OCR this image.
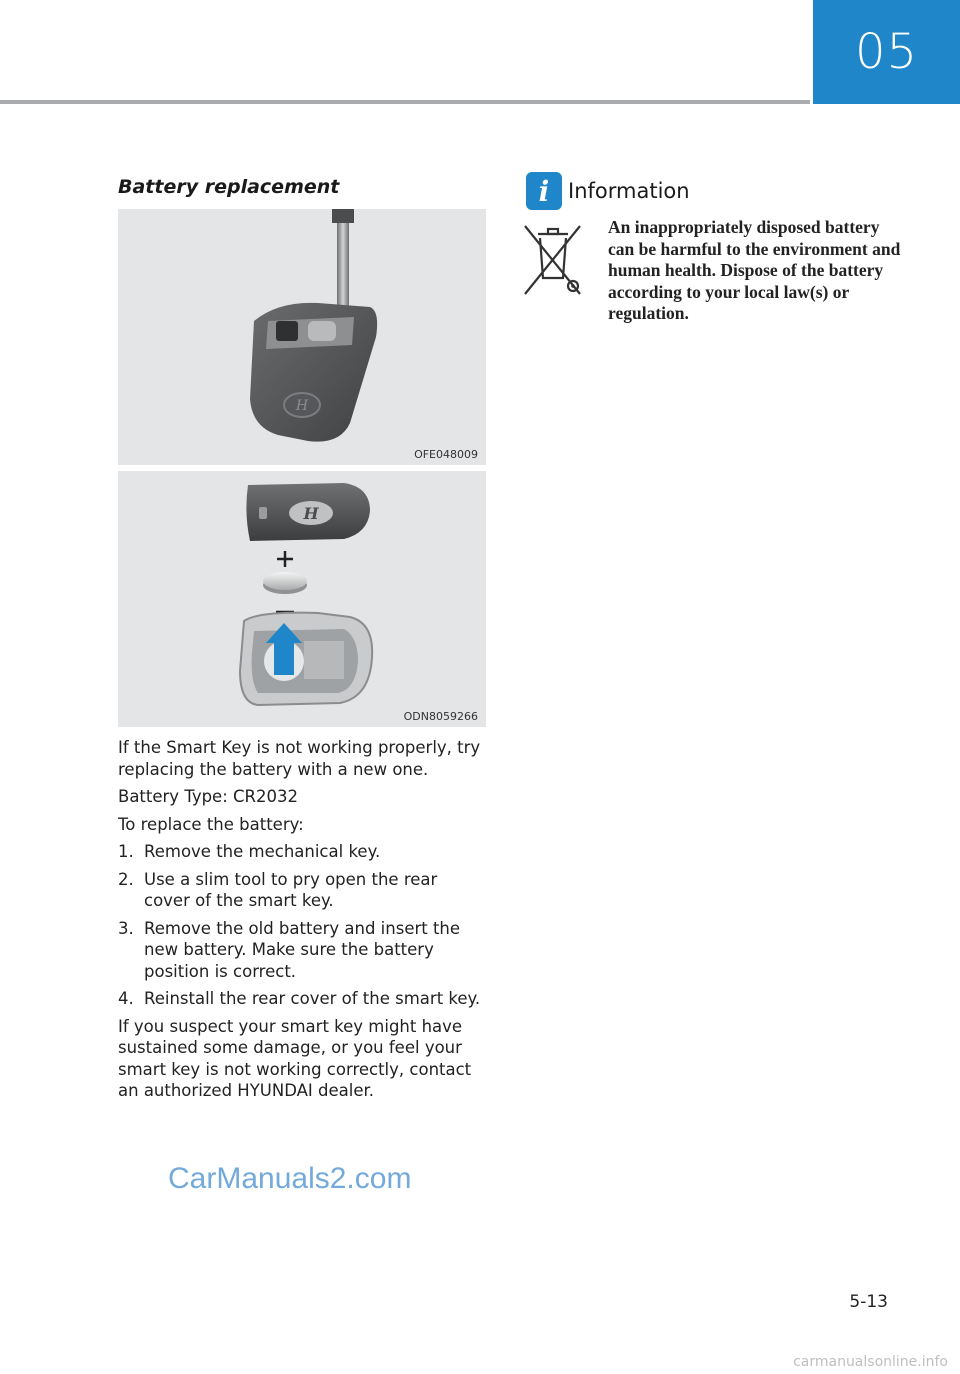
05
Battery replacement
H
OFE048009
H
ODN8059266

If the Smart Key is not working properly, try replacing the battery with a new one.

Battery Type: CR2032

To replace the battery:

1. Remove the mechanical key.
2. Use a slim tool to pry open the rear cover of the smart key.
3. Remove the old battery and insert the new battery. Make sure the battery position is correct.
4. Reinstall the rear cover of the smart key.

If you suspect your smart key might have sustained some damage, or you feel your smart key is not working correctly, contact an authorized HYUNDAI dealer.

i Information
An inappropriately disposed battery can be harmful to the environment and human health. Dispose of the battery according to your local law(s) or regulation.
CarManuals2.com
5-13
carmanualsonline.info
